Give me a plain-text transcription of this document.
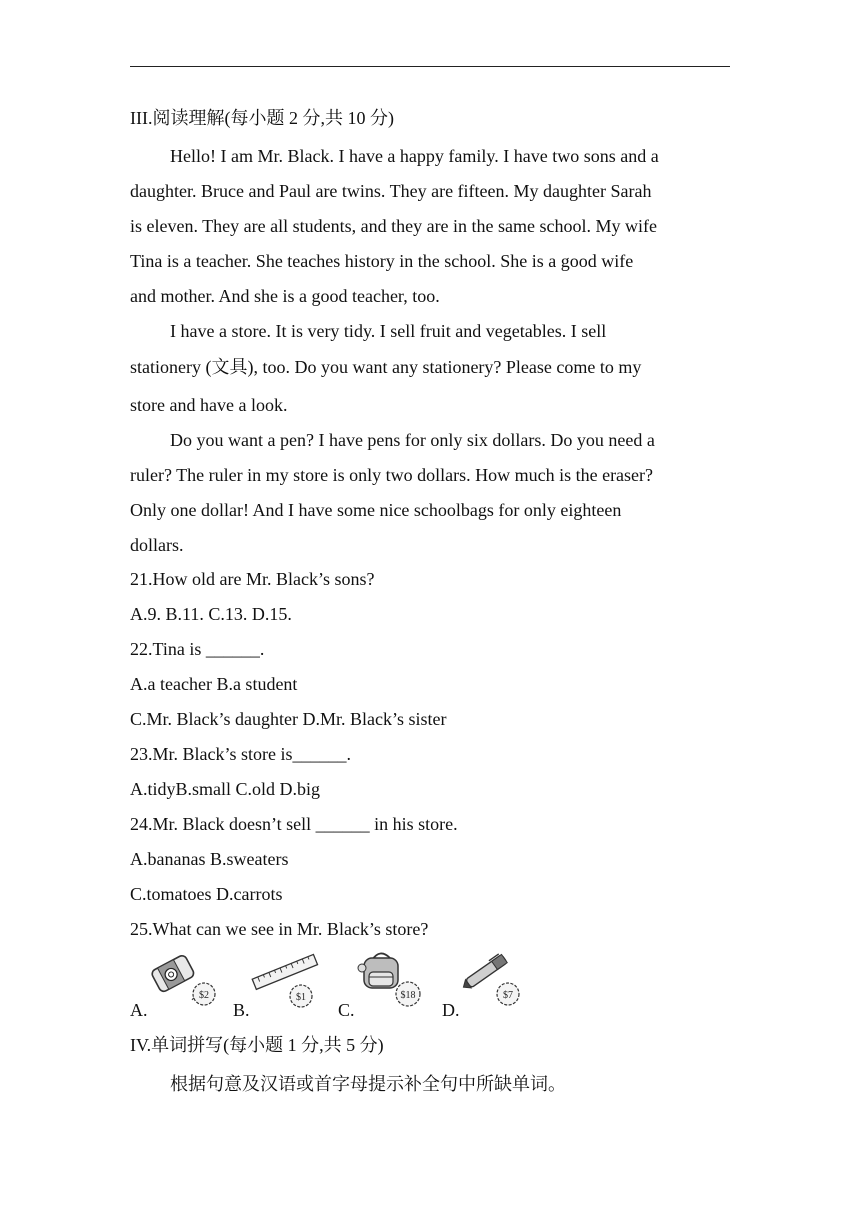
III.阅读理解(每小题 2 分,共 10 分)
Hello! I am Mr. Black. I have a happy family. I have two sons and a
daughter. Bruce and Paul are twins. They are fifteen. My daughter Sarah
is eleven. They are all students, and they are in the same school. My wife
Tina is a teacher. She teaches history in the school. She is a good wife
and mother. And she is a good teacher, too.
I have a store. It is very tidy. I sell fruit and vegetables. I sell
stationery (文具), too. Do you want any stationery? Please come to my
store and have a look.
Do you want a pen? I have pens for only six dollars. Do you need a
ruler? The ruler in my store is only two dollars. How much is the eraser?
Only one dollar! And I have some nice schoolbags for only eighteen
dollars.
21.How old are Mr. Black’s sons?
A.9. B.11. C.13. D.15.
22.Tina is ______.
A.a teacher B.a student
C.Mr. Black’s daughter D.Mr. Black’s sister
23.Mr. Black’s store is______.
A.tidyB.small C.old D.big
24.Mr. Black doesn’t sell ______ in his store.
A.bananas B.sweaters
C.tomatoes D.carrots
25.What can we see in Mr. Black’s store?
A.
$2
B.
$1
C.
$18
D.
$7
IV.单词拼写(每小题 1 分,共 5 分)
根据句意及汉语或首字母提示补全句中所缺单词。
